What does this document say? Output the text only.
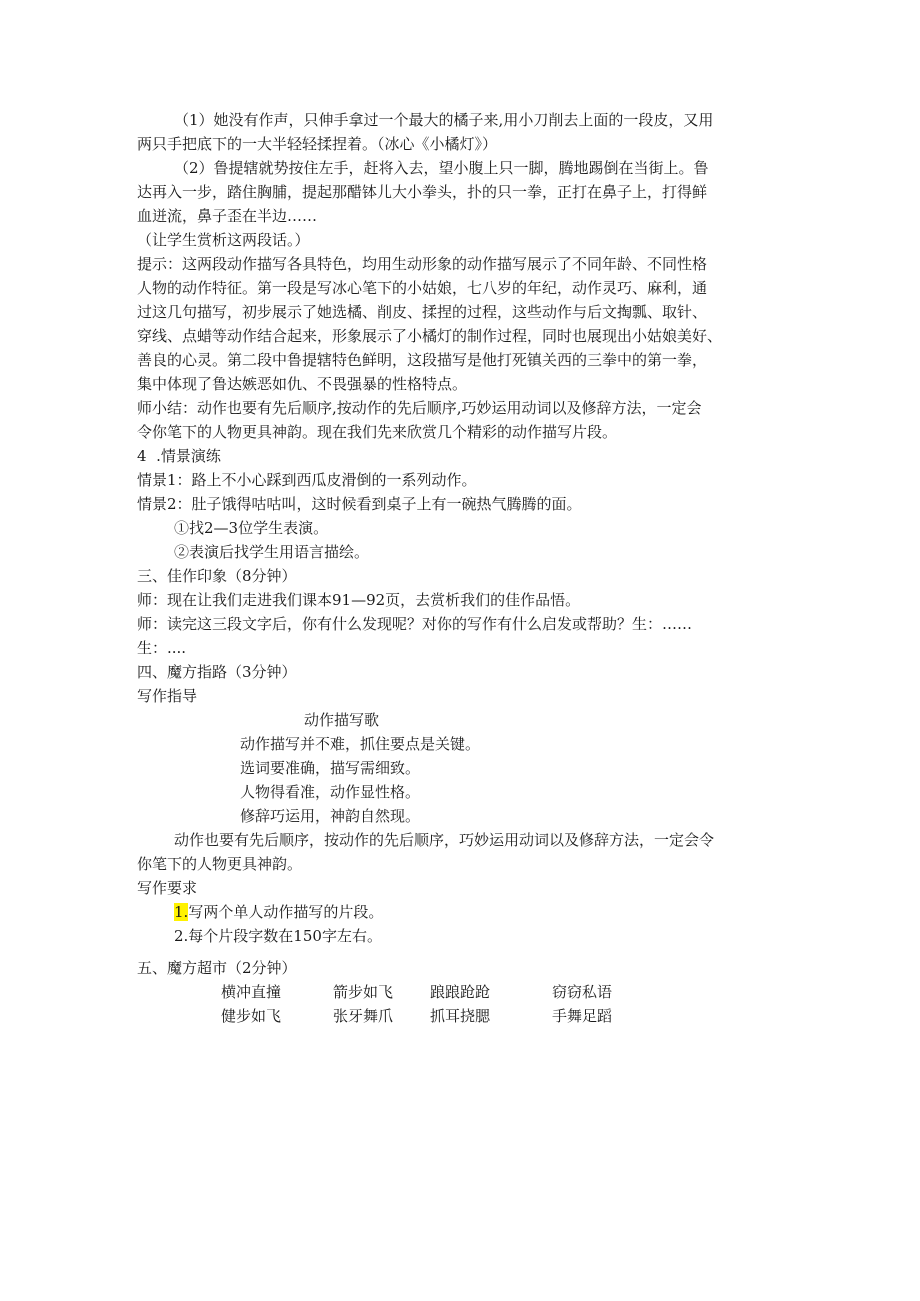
（1）她没有作声，只伸手拿过一个最大的橘子来,用小刀削去上面的一段皮，又用

两只手把底下的一大半轻轻揉捏着。（冰心《小橘灯》）

（2）鲁提辖就势按住左手，赶将入去，望小腹上只一脚，腾地踢倒在当街上。鲁

达再入一步，踏住胸脯，提起那醋钵儿大小拳头，扑的只一拳，正打在鼻子上，打得鲜

血迸流，鼻子歪在半边……

（让学生赏析这两段话。）

提示：这两段动作描写各具特色，均用生动形象的动作描写展示了不同年龄、不同性格

人物的动作特征。第一段是写冰心笔下的小姑娘，七八岁的年纪，动作灵巧、麻利，通

过这几句描写，初步展示了她选橘、削皮、揉捏的过程，这些动作与后文掏瓢、取针、

穿线、点蜡等动作结合起来，形象展示了小橘灯的制作过程，同时也展现出小姑娘美好、

善良的心灵。第二段中鲁提辖特色鲜明，这段描写是他打死镇关西的三拳中的第一拳，

集中体现了鲁达嫉恶如仇、不畏强暴的性格特点。

师小结：动作也要有先后顺序,按动作的先后顺序,巧妙运用动词以及修辞方法，一定会

令你笔下的人物更具神韵。现在我们先来欣赏几个精彩的动作描写片段。

4  .情景演练

情景1：路上不小心踩到西瓜皮滑倒的一系列动作。

情景2：肚子饿得咕咕叫，这时候看到桌子上有一碗热气腾腾的面。

①找2—3位学生表演。

②表演后找学生用语言描绘。

三、佳作印象（8分钟）

师：现在让我们走进我们课本91—92页，去赏析我们的佳作品悟。

师：读完这三段文字后，你有什么发现呢？对你的写作有什么启发或帮助？生：……

生：....

四、魔方指路（3分钟）

写作指导

动作描写歌

动作描写并不难，抓住要点是关键。

选词要准确，描写需细致。

人物得看准，动作显性格。

修辞巧运用，神韵自然现。

动作也要有先后顺序，按动作的先后顺序，巧妙运用动词以及修辞方法，一定会令

你笔下的人物更具神韵。

写作要求

1.写两个单人动作描写的片段。

2.每个片段字数在150字左右。

五、魔方超市（2分钟）

横冲直撞	箭步如飞	踉踉跄跄	窃窃私语
健步如飞	张牙舞爪	抓耳挠腮	手舞足蹈
